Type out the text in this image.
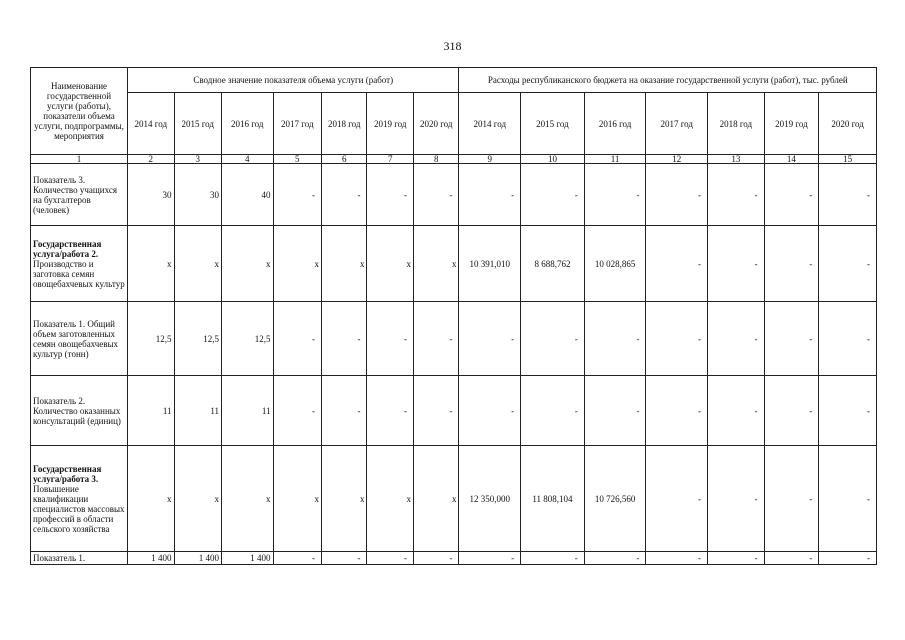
318
Наименование государственной услуги (работы), показатели объема услуги, подпрограммы, мероприятия	Сводное значение показателя объема услуги (работ)							Расходы республиканского бюджета на оказание государственной услуги (работ), тыс. рублей						
	2014 год	2015 год	2016 год	2017 год	2018 год	2019 год	2020 год	2014 год	2015 год	2016 год	2017 год	2018 год	2019 год	2020 год
1	2	3	4	5	6	7	8	9	10	11	12	13	14	15
Показатель 3. Количество учащихся на бухгалтеров (человек)	30	30	40	-	-	-	-	-	-	-	-	-	-	-
Государственная услуга/работа 2. Производство и заготовка семян овощебахчевых культур	x	x	x	x	x	x	x	10 391,010	8 688,762	10 028,865	-	-	-	-
Показатель 1. Общий объем заготовленных семян овощебахчевых культур (тонн)	12,5	12,5	12,5	-	-	-	-	-	-	-	-	-	-	-
Показатель 2. Количество оказанных консультаций (единиц)	11	11	11	-	-	-	-	-	-	-	-	-	-	-
Государственная услуга/работа 3. Повышение квалификации специалистов массовых профессий в области сельского хозяйства	x	x	x	x	x	x	x	12 350,000	11 808,104	10 726,560	-	-	-	-
Показатель 1.	1 400	1 400	1 400	-	-	-	-	-	-	-	-	-	-	-
